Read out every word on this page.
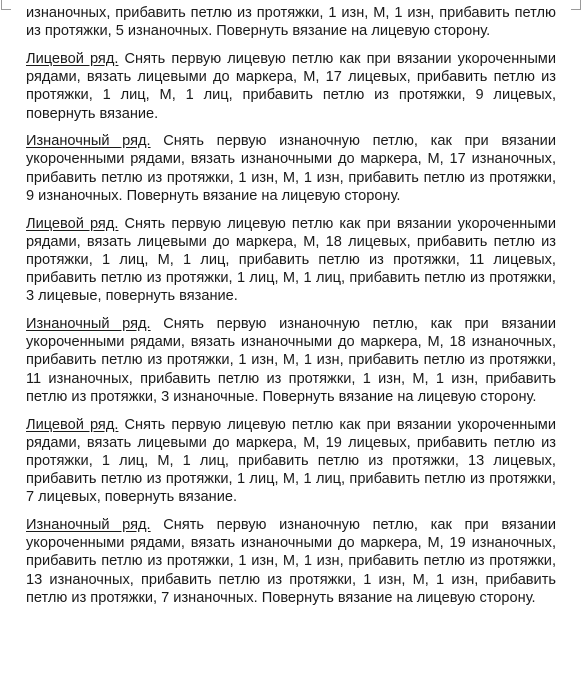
изнаночных, прибавить петлю из протяжки, 1 изн, М, 1 изн, прибавить петлю из протяжки, 5 изнаночных. Повернуть вязание на лицевую сторону.

Лицевой ряд. Снять первую лицевую петлю как при вязании укороченными рядами, вязать лицевыми до маркера, М, 17 лицевых, прибавить петлю из протяжки, 1 лиц, М, 1 лиц, прибавить петлю из протяжки, 9 лицевых, повернуть вязание.

Изнаночный ряд. Снять первую изнаночную петлю, как при вязании укороченными рядами, вязать изнаночными до маркера, М, 17 изнаночных, прибавить петлю из протяжки, 1 изн, М, 1 изн, прибавить петлю из протяжки, 9 изнаночных. Повернуть вязание на лицевую сторону.

Лицевой ряд. Снять первую лицевую петлю как при вязании укороченными рядами, вязать лицевыми до маркера, М, 18 лицевых, прибавить петлю из протяжки, 1 лиц, М, 1 лиц, прибавить петлю из протяжки, 11 лицевых, прибавить петлю из протяжки, 1 лиц, М, 1 лиц, прибавить петлю из протяжки, 3 лицевые, повернуть вязание.

Изнаночный ряд. Снять первую изнаночную петлю, как при вязании укороченными рядами, вязать изнаночными до маркера, М, 18 изнаночных, прибавить петлю из протяжки, 1 изн, М, 1 изн, прибавить петлю из протяжки, 11 изнаночных, прибавить петлю из протяжки, 1 изн, М, 1 изн, прибавить петлю из протяжки, 3 изнаночные. Повернуть вязание на лицевую сторону.

Лицевой ряд. Снять первую лицевую петлю как при вязании укороченными рядами, вязать лицевыми до маркера, М, 19 лицевых, прибавить петлю из протяжки, 1 лиц, М, 1 лиц, прибавить петлю из протяжки, 13 лицевых, прибавить петлю из протяжки, 1 лиц, М, 1 лиц, прибавить петлю из протяжки, 7 лицевых, повернуть вязание.

Изнаночный ряд. Снять первую изнаночную петлю, как при вязании укороченными рядами, вязать изнаночными до маркера, М, 19 изнаночных, прибавить петлю из протяжки, 1 изн, М, 1 изн, прибавить петлю из протяжки, 13 изнаночных, прибавить петлю из протяжки, 1 изн, М, 1 изн, прибавить петлю из протяжки, 7 изнаночных. Повернуть вязание на лицевую сторону.
